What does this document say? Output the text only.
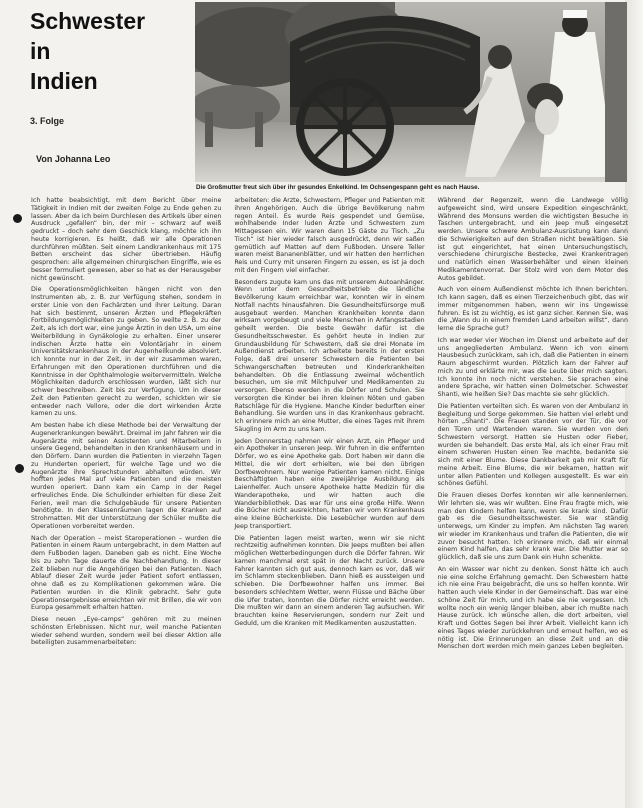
Schwester
in
Indien
3. Folge
Von Johanna Leo
Die Großmutter freut sich über ihr gesundes Enkelkind. Im Ochsengespann geht es nach Hause.

Ich hatte beabsichtigt, mit dem Bericht über meine Tätigkeit in Indien mit der zweiten Folge zu Ende gehen zu lassen. Aber da ich beim Durchlesen des Artikels über einen Ausdruck „gefallen“ bin, der mir – schwarz auf weiß gedruckt – doch sehr dem Geschick klang, möchte ich ihn heute korrigieren. Es heißt, daß wir alle Operationen durchführen müßten. Seit einem Landkrankenhaus mit 175 Betten erscheint das sicher übertrieben. Häufig gesprochen: alle allgemeinen chirurgischen Eingriffe, wie es besser formuliert gewesen, aber so hat es der Herausgeber nicht gewünscht.

Die Operationsmöglichkeiten hängen nicht von den Instrumenten ab, z. B. zur Verfügung stehen, sondern in erster Linie von den Fachärzten und ihrer Leitung. Daran hat sich bestimmt, unseren Ärzten und Pflegekräften Fortbildungsmöglichkeiten zu geben. So weilte z. B. zu der Zeit, als ich dort war, eine junge Ärztin in den USA, um eine Weiterbildung in Gynäkologie zu erhalten. Einer unserer indischen Ärzte hatte ein Volontärjahr in einem Universitätskrankenhaus in der Augenheilkunde absolviert. Ich konnte nur in der Zeit, in der wir zusammen waren, Erfahrungen mit den Operationen durchführen und die Kenntnisse in der Ophthalmologie weitervermitteln. Welche Möglichkeiten dadurch erschlossen wurden, läßt sich nur schwer beschreiben. Zeit bis zur Verfügung. Um in dieser Zeit den Patienten gerecht zu werden, schickten wir sie entweder nach Vellore, oder die dort wirkenden Ärzte kamen zu uns.

Am besten habe ich diese Methode bei der Verwaltung der Augenerkrankungen bewährt. Dreimal im Jahr fahren wir die Augenärzte mit seinen Assistenten und Mitarbeitern in unsere Gegend, behandelten in den Krankenhäusern und in den Dörfern. Dann wurden die Patienten in vierzehn Tagen zu Hunderten operiert, für welche Tage und wo die Augenärzte ihre Sprechstunden abhalten würden. Wir hofften jedes Mal auf viele Patienten und die meisten wurden operiert. Dann kam ein Camp in der Regel erfreuliches Ende. Die Schulkinder erhielten für diese Zeit Ferien, weil man die Schulgebäude für unsere Patienten benötigte. In den Klassenräumen lagen die Kranken auf Strohmatten. Mit der Unterstützung der Schüler mußte die Operationen vorbereitet werden.

Nach der Operation – meist Staroperationen – wurden die Patienten in einem Raum untergebracht, in dem Matten auf dem Fußboden lagen. Daneben gab es nicht. Eine Woche bis zu zehn Tage dauerte die Nachbehandlung. In dieser Zeit blieben nur die Angehörigen bei den Patienten. Nach Ablauf dieser Zeit wurde jeder Patient sofort entlassen, ohne daß es zu Komplikationen gekommen wäre. Die Patienten wurden in die Klinik gebracht. Sehr gute Operationsergebnisse erreichten wir mit Brillen, die wir von Europa gesammelt erhalten hatten.

Diese neuen „Eye-camps“ gehören mit zu meinen schönsten Erlebnissen. Nicht nur, weil manche Patienten wieder sehend wurden, sondern weil bei dieser Aktion alle beteiligten zusammenarbeiteten:

arbeiteten: die Ärzte, Schwestern, Pfleger und Patienten mit ihren Angehörigen. Auch die übrige Bevölkerung nahm regen Anteil. Es wurde Reis gespendet und Gemüse, wohlhabende Inder luden Ärzte und Schwestern zum Mittagessen ein. Wir waren dann 15 Gäste zu Tisch. „Zu Tisch“ ist hier wieder falsch ausgedrückt, denn wir saßen gemütlich auf Matten auf dem Fußboden. Unsere Teller waren meist Bananenblätter, und wir hatten den herrlichen Reis und Curry mit unseren Fingern zu essen, es ist ja doch mit den Fingern viel einfacher.

Besonders zugute kam uns das mit unserem Autoanhänger. Wenn unter dem Gesundheitsbetrieb die ländliche Bevölkerung kaum erreichbar war, konnten wir in einem Notfall nachts hinausfahren. Die Gesundheitsfürsorge muß ausgebaut werden. Manchen Krankheiten konnte dann wirksam vorgebeugt und viele Menschen in Anfangsstadien geheilt werden. Die beste Gewähr dafür ist die Gesundheitsschwester. Es gehört heute in Indien zur Grundausbildung für Schwestern, daß sie drei Monate im Außendienst arbeiten. Ich arbeitete bereits in der ersten Folge, daß drei unserer Schwestern die Patienten bei Schwangerschaften betreuten und Kinderkrankheiten behandelten. Ob die Entlassung zweimal wöchentlich besuchen, um sie mit Milchpulver und Medikamenten zu versorgen. Ebenso werden in die Dörfer und Schulen. Sie versorgten die Kinder bei ihren kleinen Nöten und gaben Ratschläge für die Hygiene. Manche Kinder bedurften einer Behandlung. Sie wurden uns in das Krankenhaus gebracht. Ich erinnere mich an eine Mutter, die eines Tages mit ihrem Säugling im Arm zu uns kam.

Jeden Donnerstag nahmen wir einen Arzt, ein Pfleger und ein Apotheker in unseren Jeep. Wir fuhren in die entfernten Dörfer, wo es eine Apotheke gab. Dort haben wir dann die Mittel, die wir dort erhielten, wie bei den übrigen Dorfbewohnern. Nur wenige Patienten kamen nicht. Einige Beschäftigten haben eine zweijährige Ausbildung als Laienhelfer. Auch unsere Apotheke hatte Medizin für die Wanderapotheke, und wir hatten auch die Wanderbibliothek. Das war für uns eine große Hilfe. Wenn die Bücher nicht ausreichten, hatten wir vom Krankenhaus eine kleine Bücherkiste. Die Lesebücher wurden auf dem Jeep transportiert.

Die Patienten lagen meist warten, wenn wir sie nicht rechtzeitig aufnehmen konnten. Die Jeeps mußten bei allen möglichen Wetterbedingungen durch die Dörfer fahren. Wir kamen manchmal erst spät in der Nacht zurück. Unsere Fahrer kannten sich gut aus, dennoch kam es vor, daß wir im Schlamm steckenblieben. Dann hieß es aussteigen und schieben. Die Dorfbewohner halfen uns immer. Bei besonders schlechtem Wetter, wenn Flüsse und Bäche über die Ufer traten, konnten die Dörfer nicht erreicht werden. Die mußten wir dann an einem anderen Tag aufsuchen. Wir brauchten keine Reservierungen, sondern nur Zeit und Geduld, um die Kranken mit Medikamenten auszustatten.

Während der Regenzeit, wenn die Landwege völlig aufgeweicht sind, wird unsere Expedition eingeschränkt. Während des Monsuns werden die wichtigsten Besuche in Taschen untergebracht, und ein Jeep muß eingesetzt werden. Unsere schwere Ambulanz-Ausrüstung kann dann die Schwierigkeiten auf den Straßen nicht bewältigen. Sie ist gut eingerichtet, hat einen Untersuchungstisch, verschiedene chirurgische Bestecke, zwei Krankentragen und natürlich einen Wasserbehälter und einen kleinen Medikamentenvorrat. Der Stolz wird von dem Motor des Autos gebildet.

Auch von einem Außendienst möchte ich Ihnen berichten. Ich kann sagen, daß es einen Tierzeichenbuch gibt, das wir immer mitgenommen haben, wenn wir ins Ungewisse fuhren. Es ist zu wichtig, es ist ganz sicher. Kennen Sie, was die „Wann du in einem fremden Land arbeiten willst“, dann lerne die Sprache gut?

Ich war weder vier Wochen im Dienst und arbeitete auf der uns angegliederten Ambulanz. Wenn ich von einem Hausbesuch zurückkam, sah ich, daß die Patienten in einem Raum abgeschirmt wurden. Plötzlich kam der Fahrer auf mich zu und erklärte mir, was die Leute über mich sagten. Ich konnte ihn noch nicht verstehen. Sie sprachen eine andere Sprache, wir hatten einen Dolmetscher. Schwester Shanti, wie heißen Sie? Das machte sie sehr glücklich.

Die Patienten verteilten sich. Es waren von der Ambulanz in Begleitung und Sorge gekommen. Sie hatten viel erlebt und hörten „Shanti“. Die Frauen standen vor der Tür, die vor den Türen und Wartenden waren. Sie wurden von den Schwestern versorgt. Hatten sie Husten oder Fieber, wurden sie behandelt. Das erste Mal, als ich einer Frau mit einem schweren Husten einen Tee machte, bedankte sie sich mit einer Blume. Diese Dankbarkeit gab mir Kraft für meine Arbeit. Eine Blume, die wir bekamen, hatten wir unter allen Patienten und Kollegen ausgestellt. Es war ein schönes Gefühl.

Die Frauen dieses Dorfes konnten wir alle kennenlernen. Wir lehrten sie, was wir wußten. Eine Frau fragte mich, wie man den Kindern helfen kann, wenn sie krank sind. Dafür gab es die Gesundheitsschwester. Sie war ständig unterwegs, um Kinder zu impfen. Am nächsten Tag waren wir wieder im Krankenhaus und trafen die Patienten, die wir zuvor besucht hatten. Ich erinnere mich, daß wir einmal einem Kind halfen, das sehr krank war. Die Mutter war so glücklich, daß sie uns zum Dank ein Huhn schenkte.

An ein Wasser war nicht zu denken. Sonst hätte ich auch nie eine solche Erfahrung gemacht. Den Schwestern hatte ich nie eine Frau beigebracht, die uns so helfen konnte. Wir hatten auch viele Kinder in der Gemeinschaft. Das war eine schöne Zeit für mich, und ich habe sie nie vergessen. Ich wollte noch ein wenig länger bleiben, aber ich mußte nach Hause zurück. Ich wünsche allen, die dort arbeiten, viel Kraft und Gottes Segen bei ihrer Arbeit. Vielleicht kann ich eines Tages wieder zurückkehren und erneut helfen, wo es nötig ist. Die Erinnerungen an diese Zeit und an die Menschen dort werden mich mein ganzes Leben begleiten.
